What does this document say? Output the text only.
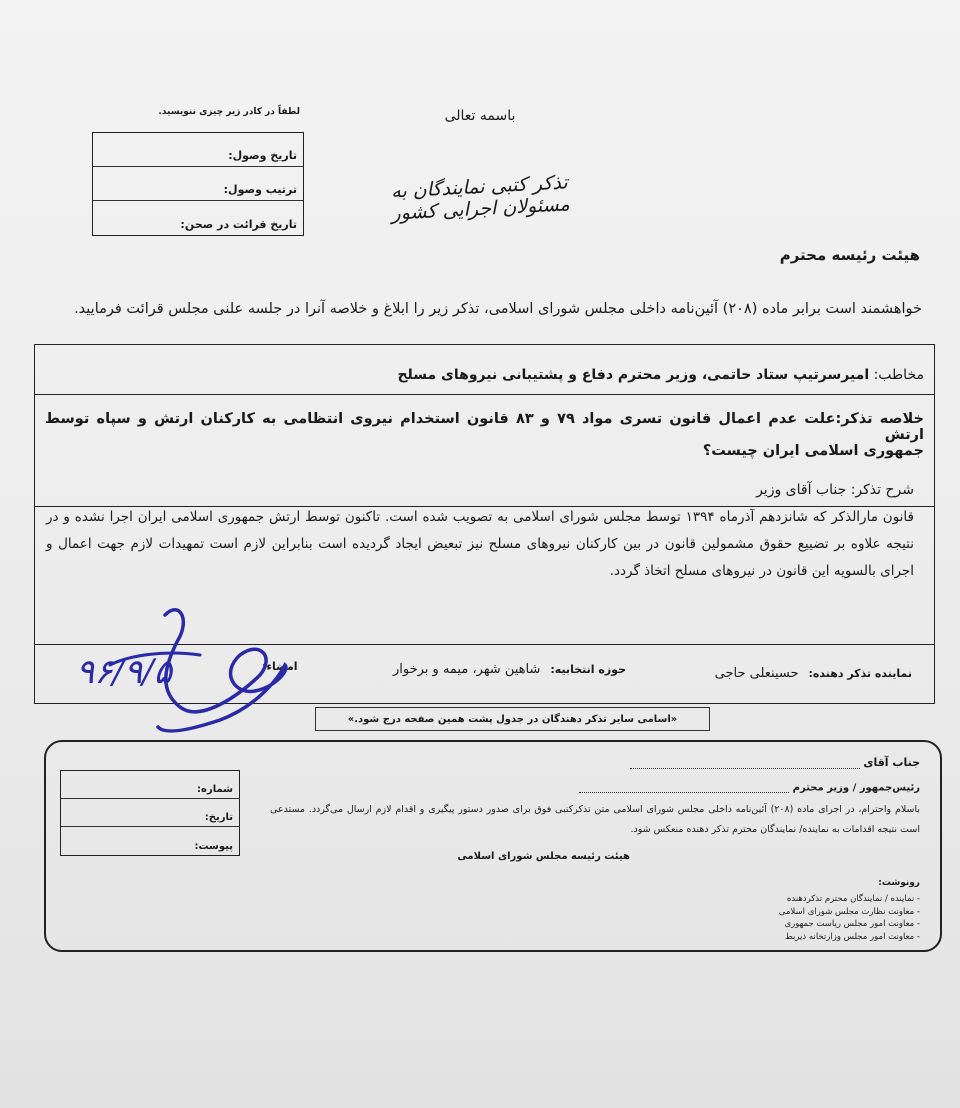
باسمه تعالی
لطفاً در کادر زیر چیزی ننویسید.
تاریخ وصول:
ترتیب وصول:
تاریخ قرائت در صحن:
تذکر کتبی نمایندگان به مسئولان اجرایی کشور
هیئت رئیسه محترم
خواهشمند است برابر ماده (۲۰۸) آئین‌نامه داخلی مجلس شورای اسلامی، تذکر زیر را ابلاغ و خلاصه آنرا در جلسه علنی مجلس قرائت فرمایید.
مخاطب: امیرسرتیپ ستاد حاتمی، وزیر محترم دفاع و پشتیبانی نیروهای مسلح
خلاصه تذکر:علت عدم اعمال قانون تسری مواد ۷۹ و ۸۳ قانون استخدام نیروی انتظامی به کارکنان ارتش و سپاه توسط ارتش
جمهوری اسلامی ایران چیست؟
شرح تذکر: جناب آقای وزیر
قانون مارالذکر که شانزدهم آذرماه ۱۳۹۴ توسط مجلس شورای اسلامی به تصویب شده است. تاکنون توسط ارتش جمهوری اسلامی ایران اجرا نشده و در نتیجه علاوه بر تضییع حقوق مشمولین قانون در بین کارکنان نیروهای مسلح نیز تبعیض ایجاد گردیده است بنابراین لازم است تمهیدات لازم جهت اعمال و اجرای بالسویه این قانون در نیروهای مسلح اتخاذ گردد.
نماینده تذکر دهنده:
حسینعلی حاجی
حوزه انتخابیه:
شاهین شهر، میمه و برخوار
امضاء:
۹۶/۹/۵
«اسامی سایر تذکر دهندگان در جدول پشت همین صفحه درج شود.»
جناب آقای
رئیس‌جمهور / وزیر محترم
باسلام واحترام، در اجرای ماده (۲۰۸) آئین‌نامه داخلی مجلس شورای اسلامی متن تذکرکتبی فوق برای صدور دستور پیگیری و اقدام لازم ارسال می‌گردد. مستدعی است نتیجه اقدامات به نماینده/ نمایندگان محترم تذکر دهنده منعکس شود.
هیئت رئیسه مجلس شورای اسلامی
شماره:
تاریخ:
پیوست:
رونوشت:
- نماینده / نمایندگان محترم تذکردهنده
- معاونت نظارت مجلس شورای اسلامی
- معاونت امور مجلس ریاست جمهوری
- معاونت امور مجلس وزارتخانه ذیربط
